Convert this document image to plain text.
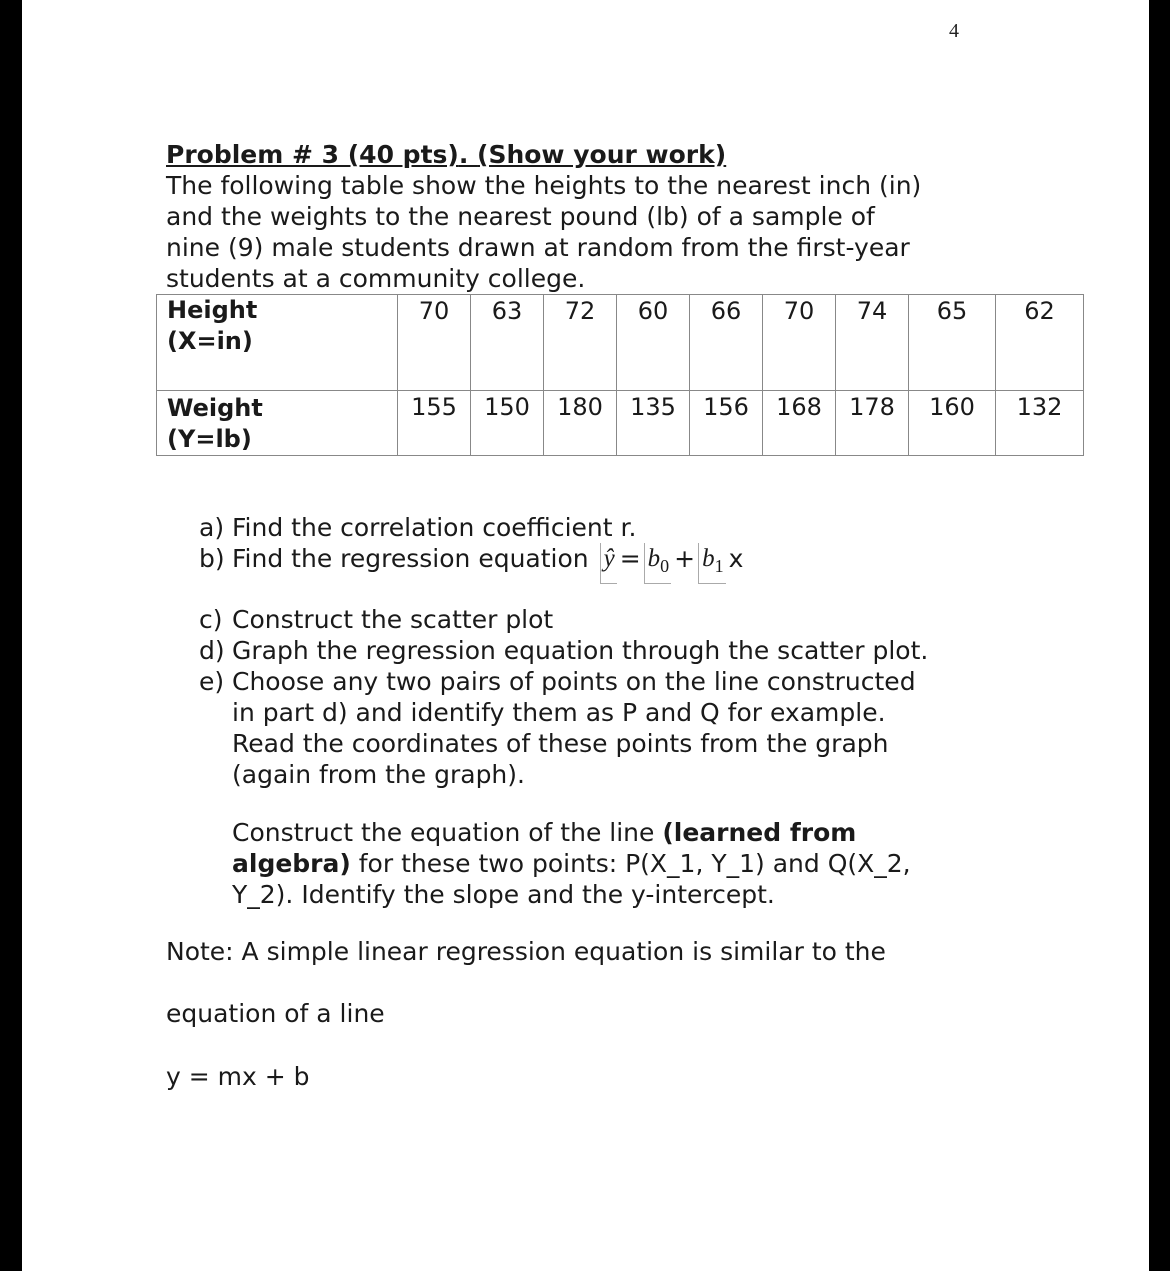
4
Problem # 3 (40 pts). (Show your work)
The following table show the heights to the nearest inch (in)
and the weights to the nearest pound (lb) of a sample of
nine (9) male students drawn at random from the first-year
students at a community college.
Height
(X=in)	70	63	72	60	66	70	74	65	62

Weight
(Y=lb)	155	150	180	135	156	168	178	160	132
a) Find the correlation coefficient r.
b) Find the regression equation ŷ = $b_0 + b_1$ x
c) Construct the scatter plot
d) Graph the regression equation through the scatter plot.
e) Choose any two pairs of points on the line constructed
in part d) and identify them as P and Q for example.
Read the coordinates of these points from the graph
(again from the graph).
Construct the equation of the line (learned from
algebra) for these two points: P(X_1, Y_1) and Q(X_2,
Y_2). Identify the slope and the y-intercept.
Note: A simple linear regression equation is similar to the
equation of a line
y = mx + b
